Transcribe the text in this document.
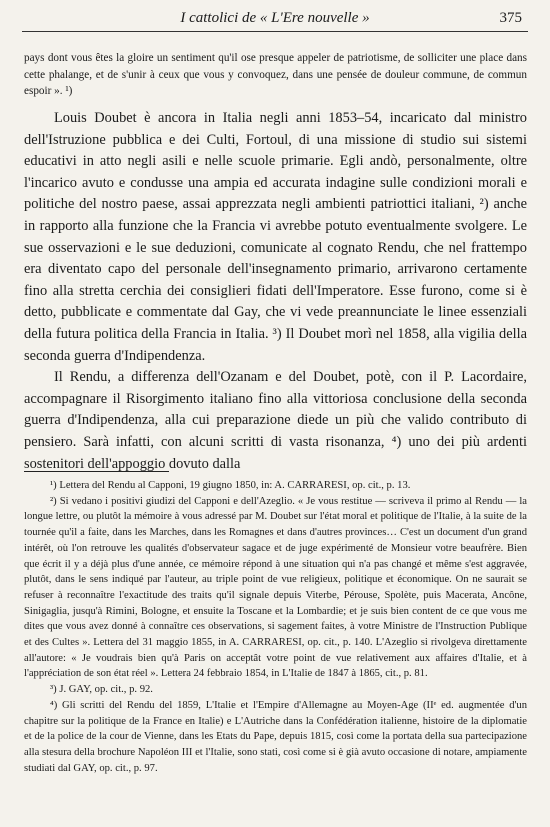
I cattolici de « L'Ere nouvelle »	375

pays dont vous êtes la gloire un sentiment qu'il ose presque appeler de patriotisme, de solliciter une place dans cette phalange, et de s'unir à ceux que vous y convoquez, dans une pensée de douleur commune, de commun espoir ». ¹)

Louis Doubet è ancora in Italia negli anni 1853–54, incaricato dal ministro dell'Istruzione pubblica e dei Culti, Fortoul, di una missione di studio sui sistemi educativi in atto negli asili e nelle scuole primarie. Egli andò, personalmente, oltre l'incarico avuto e condusse una ampia ed accurata indagine sulle condizioni morali e politiche del nostro paese, assai apprezzata negli ambienti patriottici italiani, ²) anche in rapporto alla funzione che la Francia vi avrebbe potuto eventualmente svolgere. Le sue osservazioni e le sue deduzioni, comunicate al cognato Rendu, che nel frattempo era diventato capo del personale dell'insegnamento primario, arrivarono certamente fino alla stretta cerchia dei consiglieri fidati dell'Imperatore. Esse furono, come si è detto, pubblicate e commentate dal Gay, che vi vede preannunciate le linee essenziali della futura politica della Francia in Italia. ³) Il Doubet morì nel 1858, alla vigilia della seconda guerra d'Indipendenza.

Il Rendu, a differenza dell'Ozanam e del Doubet, potè, con il P. Lacordaire, accompagnare il Risorgimento italiano fino alla vittoriosa conclusione della seconda guerra d'Indipendenza, alla cui preparazione diede un più che valido contributo di pensiero. Sarà infatti, con alcuni scritti di vasta risonanza, ⁴) uno dei più ardenti sostenitori dell'appoggio dovuto dalla

¹) Lettera del Rendu al Capponi, 19 giugno 1850, in: A. CARRARESI, op. cit., p. 13.

²) Si vedano i positivi giudizi del Capponi e dell'Azeglio. « Je vous restitue — scriveva il primo al Rendu — la longue lettre, ou plutôt la mémoire à vous adressé par M. Doubet sur l'état moral et politique de l'Italie, à la suite de la tournée qu'il a faite, dans les Marches, dans les Romagnes et dans d'autres provinces… C'est un document d'un grand intérêt, où l'on retrouve les qualités d'observateur sagace et de juge expérimenté de Monsieur votre beaufrère. Bien que écrit il y a déjà plus d'une année, ce mémoire répond à une situation qui n'a pas changé et même s'est aggravée, plutôt, dans le sens indiqué par l'auteur, au triple point de vue religieux, politique et économique. On ne saurait se refuser à reconnaître l'exactitude des traits qu'il signale depuis Viterbe, Pérouse, Spolète, puis Macerata, Ancône, Sinigaglia, jusqu'à Rimini, Bologne, et ensuite la Toscane et la Lombardie; et je suis bien content de ce que vous me dites que vous avez donné à connaître ces observations, si sagement faites, à votre Ministre de l'Instruction Publique et des Cultes ». Lettera del 31 maggio 1855, in A. CARRARESI, op. cit., p. 140. L'Azeglio si rivolgeva direttamente all'autore: « Je voudrais bien qu'à Paris on acceptât votre point de vue relativement aux affaires d'Italie, et à l'appréciation de son état réel ». Lettera 24 febbraio 1854, in L'Italie de 1847 à 1865, cit., p. 81.

³) J. GAY, op. cit., p. 92.

⁴) Gli scritti del Rendu del 1859, L'Italie et l'Empire d'Allemagne au Moyen-Age (IIᵉ ed. augmentée d'un chapitre sur la politique de la France en Italie) e L'Autriche dans la Confédération italienne, histoire de la diplomatie et de la police de la cour de Vienne, dans les Etats du Pape, depuis 1815, così come la portata della sua partecipazione alla stesura della brochure Napoléon III et l'Italie, sono stati, così come si è già avuto occasione di notare, ampiamente studiati dal GAY, op. cit., p. 97.
